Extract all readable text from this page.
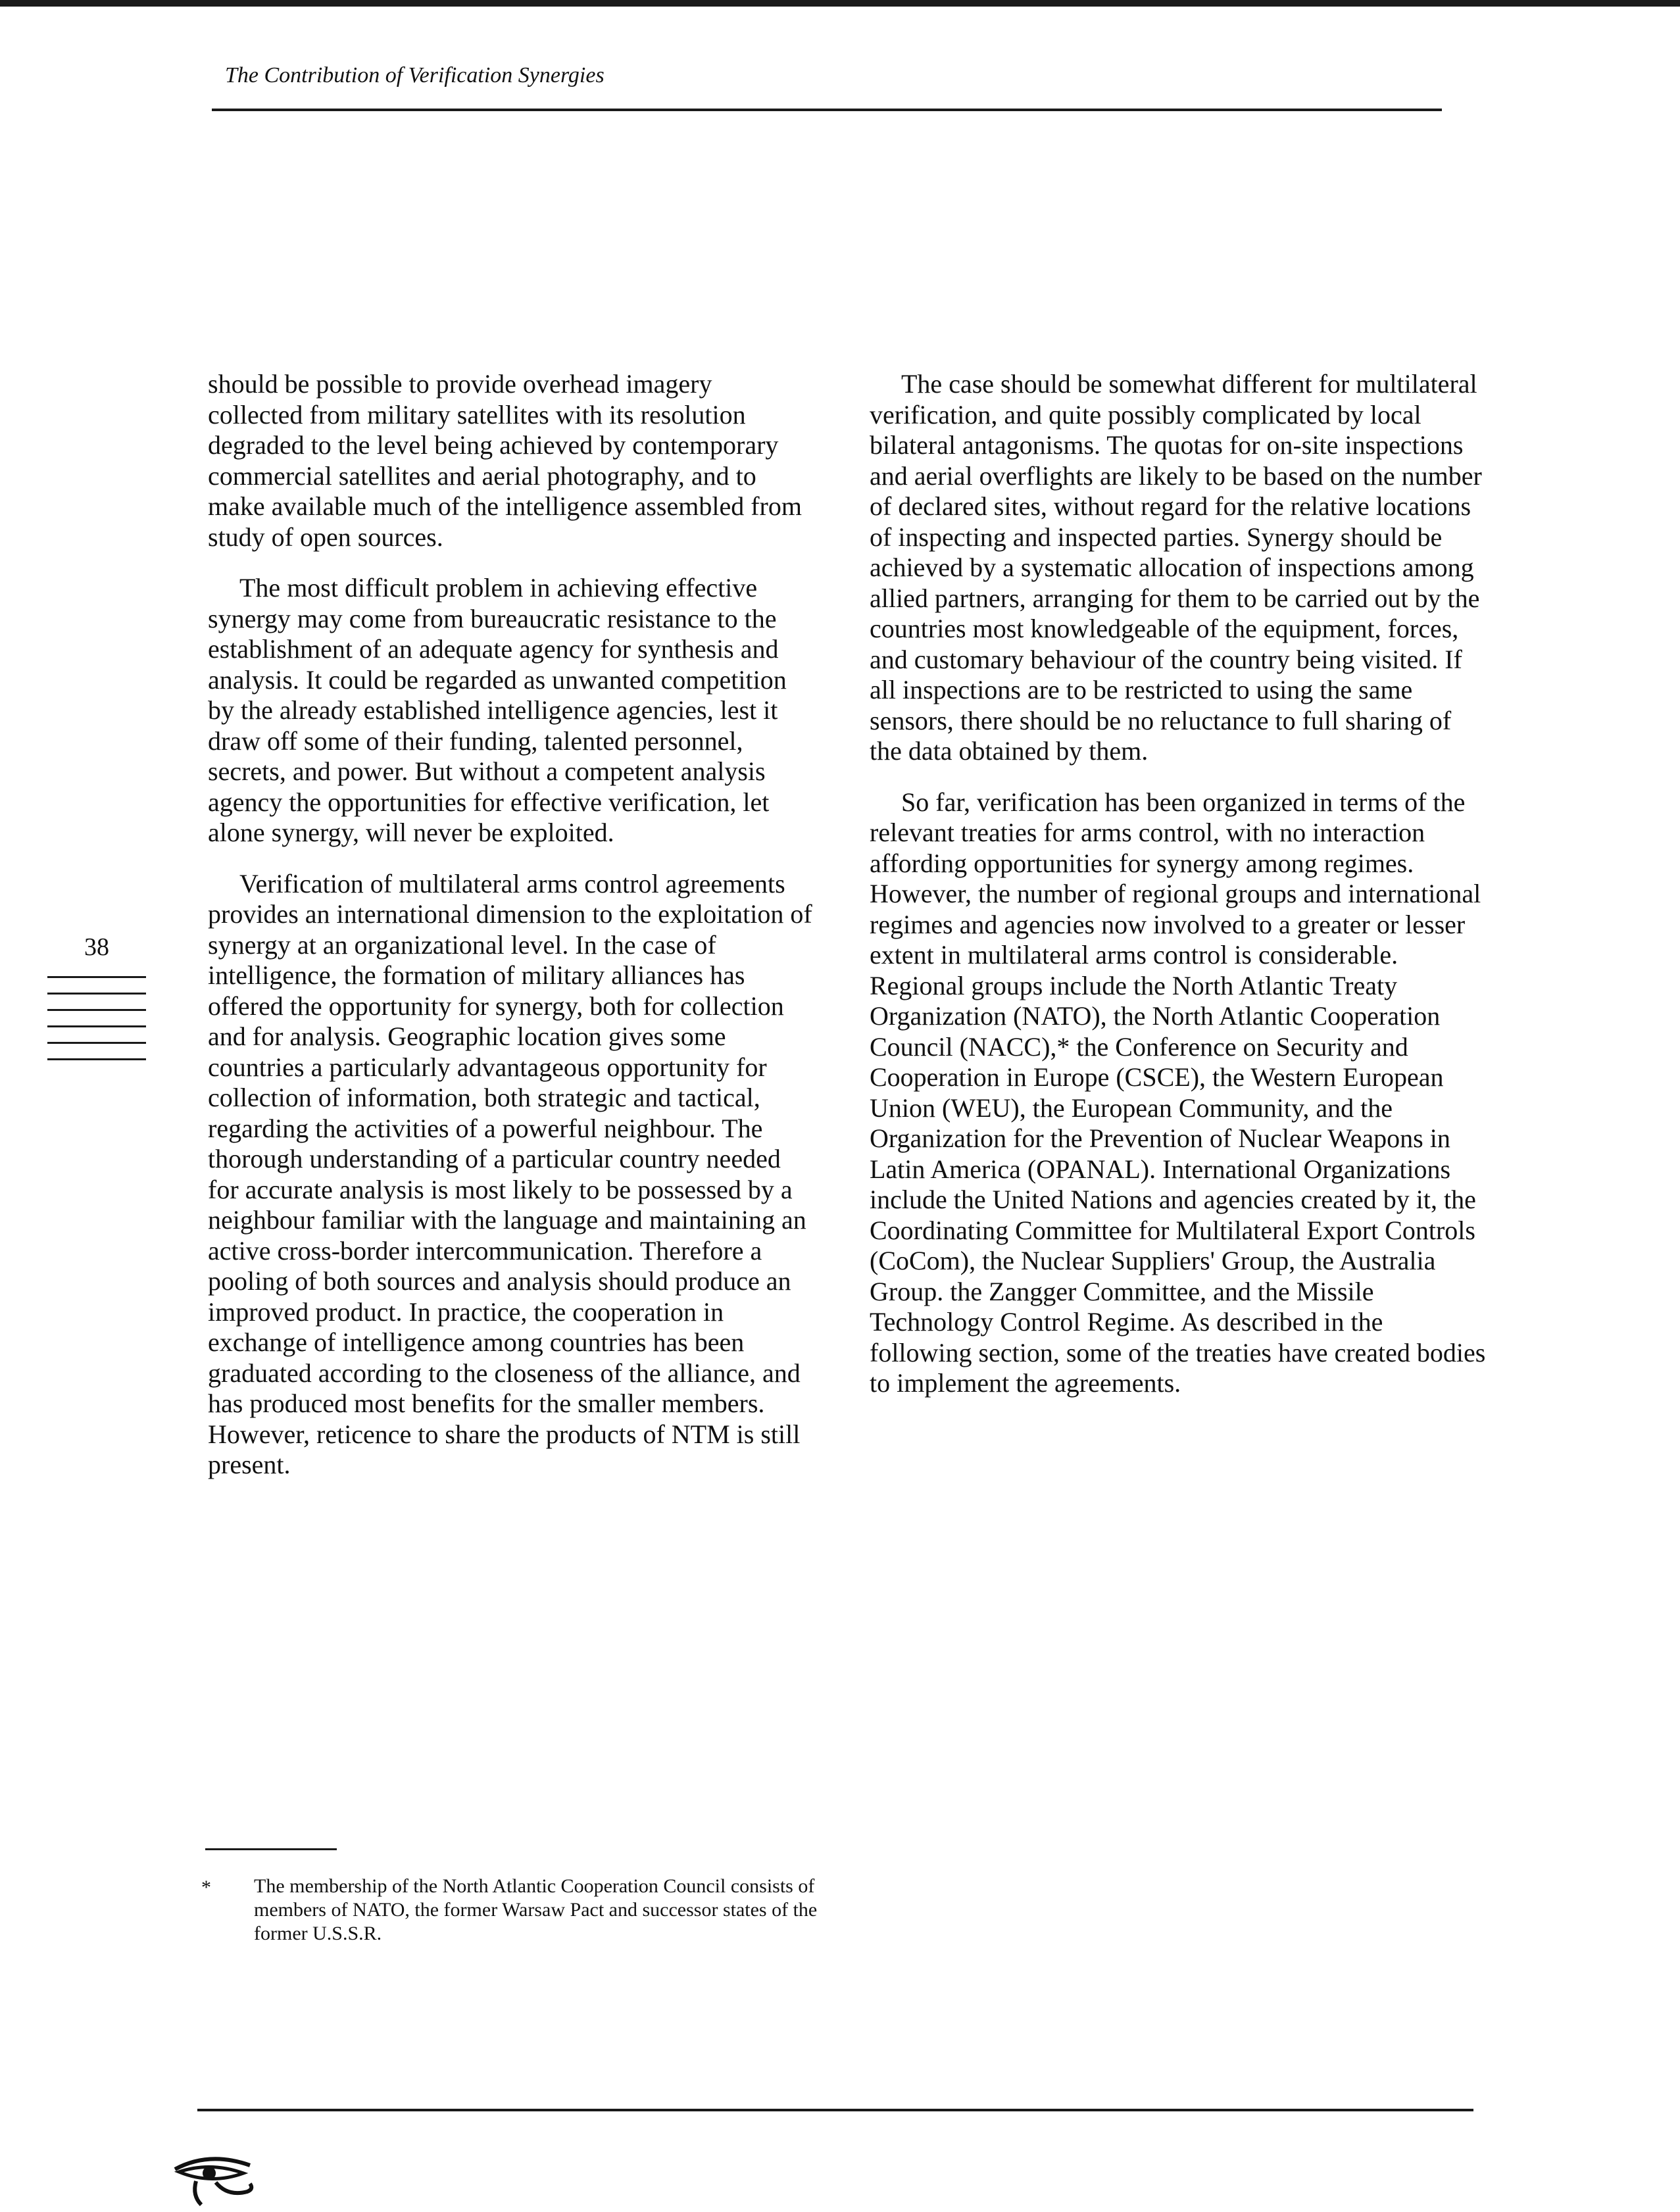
The Contribution of Verification Synergies

should be possible to provide overhead imagery collected from military satellites with its resolution degraded to the level being achieved by contemporary commercial satellites and aerial photography, and to make available much of the intelligence assembled from study of open sources.

The most difficult problem in achieving effective synergy may come from bureaucratic resistance to the establishment of an adequate agency for synthesis and analysis. It could be regarded as unwanted competition by the already established intelligence agencies, lest it draw off some of their funding, talented personnel, secrets, and power. But without a competent analysis agency the opportunities for effective verification, let alone synergy, will never be exploited.

Verification of multilateral arms control agreements provides an international dimension to the exploitation of synergy at an organizational level. In the case of intelligence, the formation of military alliances has offered the opportunity for synergy, both for collection and for analysis. Geographic location gives some countries a particularly advantageous opportunity for collection of information, both strategic and tactical, regarding the activities of a powerful neighbour. The thorough understanding of a particular country needed for accurate analysis is most likely to be possessed by a neighbour familiar with the language and maintaining an active cross-border intercommunication. Therefore a pooling of both sources and analysis should produce an improved product. In practice, the cooperation in exchange of intelligence among countries has been graduated according to the closeness of the alliance, and has produced most benefits for the smaller members. However, reticence to share the products of NTM is still present.

The case should be somewhat different for multilateral verification, and quite possibly complicated by local bilateral antagonisms. The quotas for on-site inspections and aerial overflights are likely to be based on the number of declared sites, without regard for the relative locations of inspecting and inspected parties. Synergy should be achieved by a systematic allocation of inspections among allied partners, arranging for them to be carried out by the countries most knowledgeable of the equipment, forces, and customary behaviour of the country being visited. If all inspections are to be restricted to using the same sensors, there should be no reluctance to full sharing of the data obtained by them.

So far, verification has been organized in terms of the relevant treaties for arms control, with no interaction affording opportunities for synergy among regimes. However, the number of regional groups and international regimes and agencies now involved to a greater or lesser extent in multilateral arms control is considerable. Regional groups include the North Atlantic Treaty Organization (NATO), the North Atlantic Cooperation Council (NACC),* the Conference on Security and Cooperation in Europe (CSCE), the Western European Union (WEU), the European Community, and the Organization for the Prevention of Nuclear Weapons in Latin America (OPANAL). International Organizations include the United Nations and agencies created by it, the Coordinating Committee for Multilateral Export Controls (CoCom), the Nuclear Suppliers' Group, the Australia Group. the Zangger Committee, and the Missile Technology Control Regime. As described in the following section, some of the treaties have created bodies to implement the agreements.

38
* The membership of the North Atlantic Cooperation Council consists of members of NATO, the former Warsaw Pact and successor states of the former U.S.S.R.
